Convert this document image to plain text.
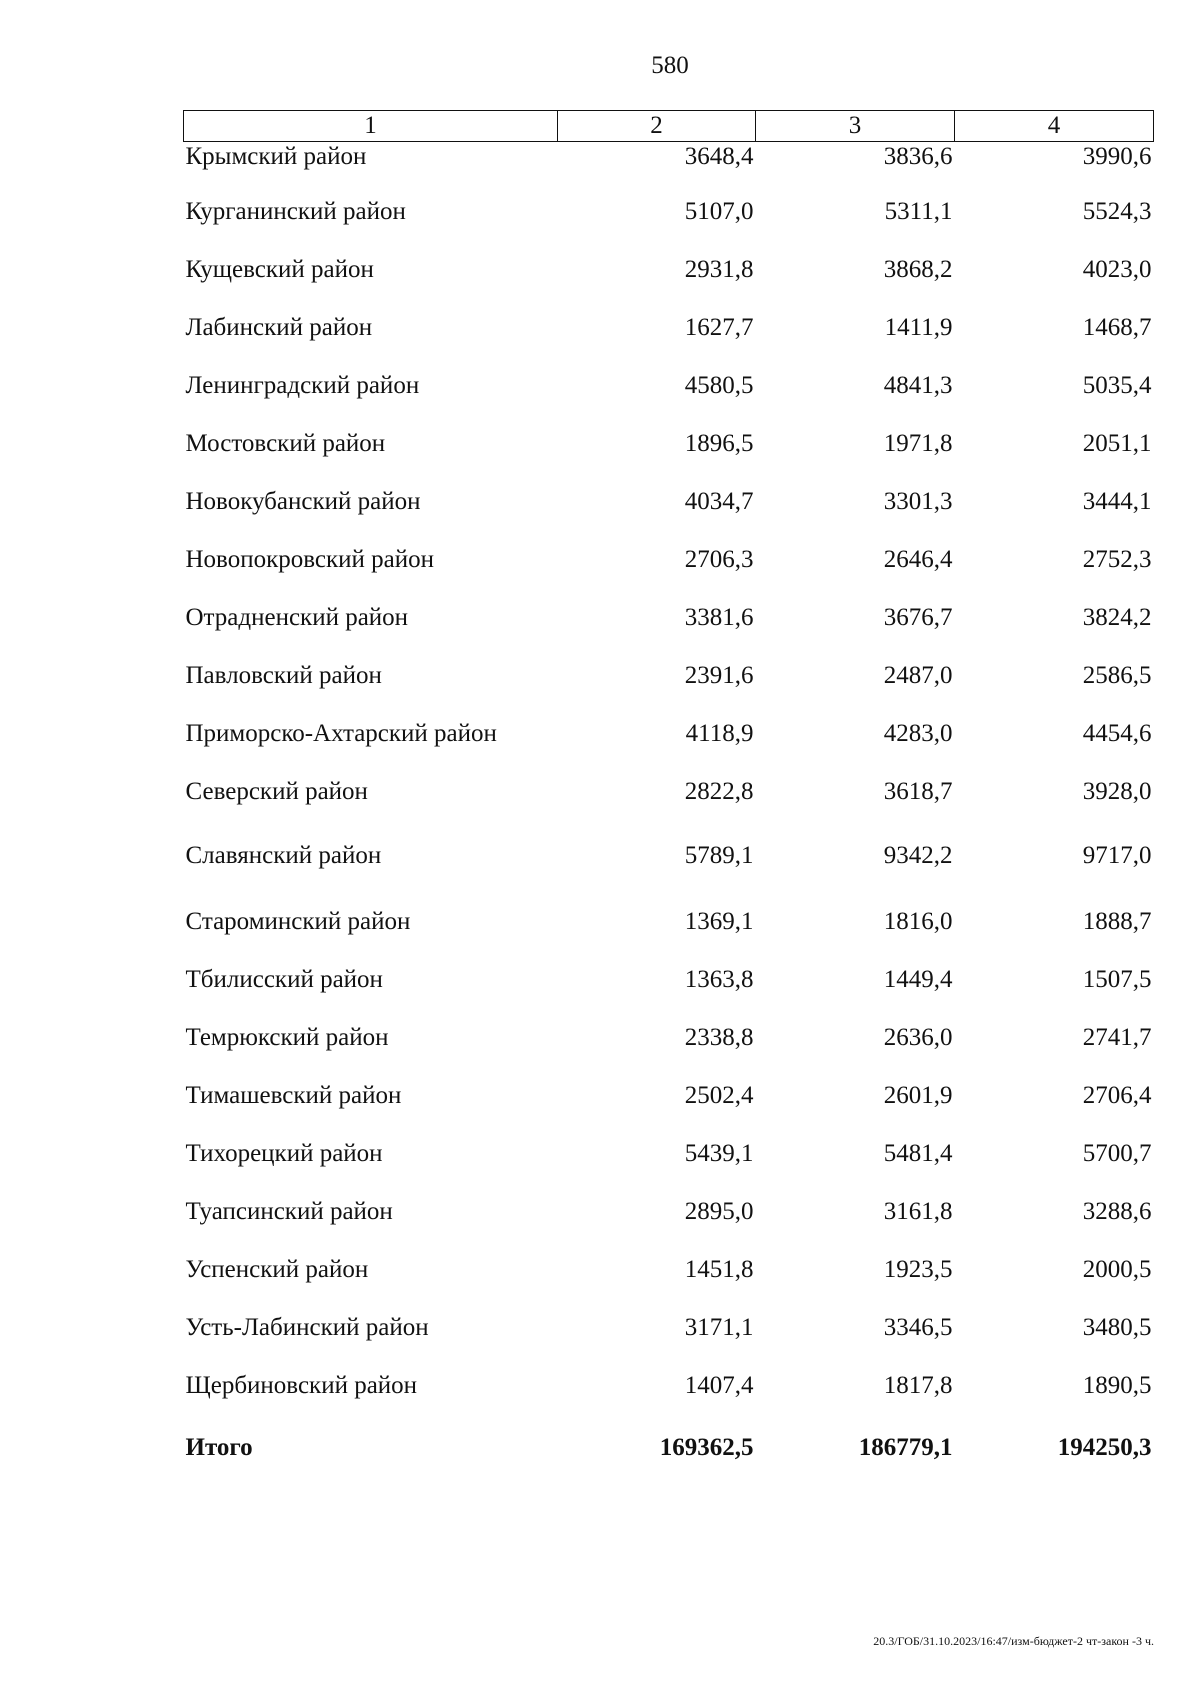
580
1	2	3	4
Крымский район	3648,4	3836,6	3990,6
Курганинский район	5107,0	5311,1	5524,3
Кущевский район	2931,8	3868,2	4023,0
Лабинский район	1627,7	1411,9	1468,7
Ленинградский район	4580,5	4841,3	5035,4
Мостовский район	1896,5	1971,8	2051,1
Новокубанский район	4034,7	3301,3	3444,1
Новопокровский район	2706,3	2646,4	2752,3
Отрадненский район	3381,6	3676,7	3824,2
Павловский район	2391,6	2487,0	2586,5
Приморско-Ахтарский район	4118,9	4283,0	4454,6
Северский район	2822,8	3618,7	3928,0
Славянский район	5789,1	9342,2	9717,0
Староминский район	1369,1	1816,0	1888,7
Тбилисский район	1363,8	1449,4	1507,5
Темрюкский район	2338,8	2636,0	2741,7
Тимашевский район	2502,4	2601,9	2706,4
Тихорецкий район	5439,1	5481,4	5700,7
Туапсинский район	2895,0	3161,8	3288,6
Успенский район	1451,8	1923,5	2000,5
Усть-Лабинский район	3171,1	3346,5	3480,5
Щербиновский район	1407,4	1817,8	1890,5
Итого	169362,5	186779,1	194250,3
20.3/ГОБ/31.10.2023/16:47/изм-бюджет-2 чт-закон -3 ч.
